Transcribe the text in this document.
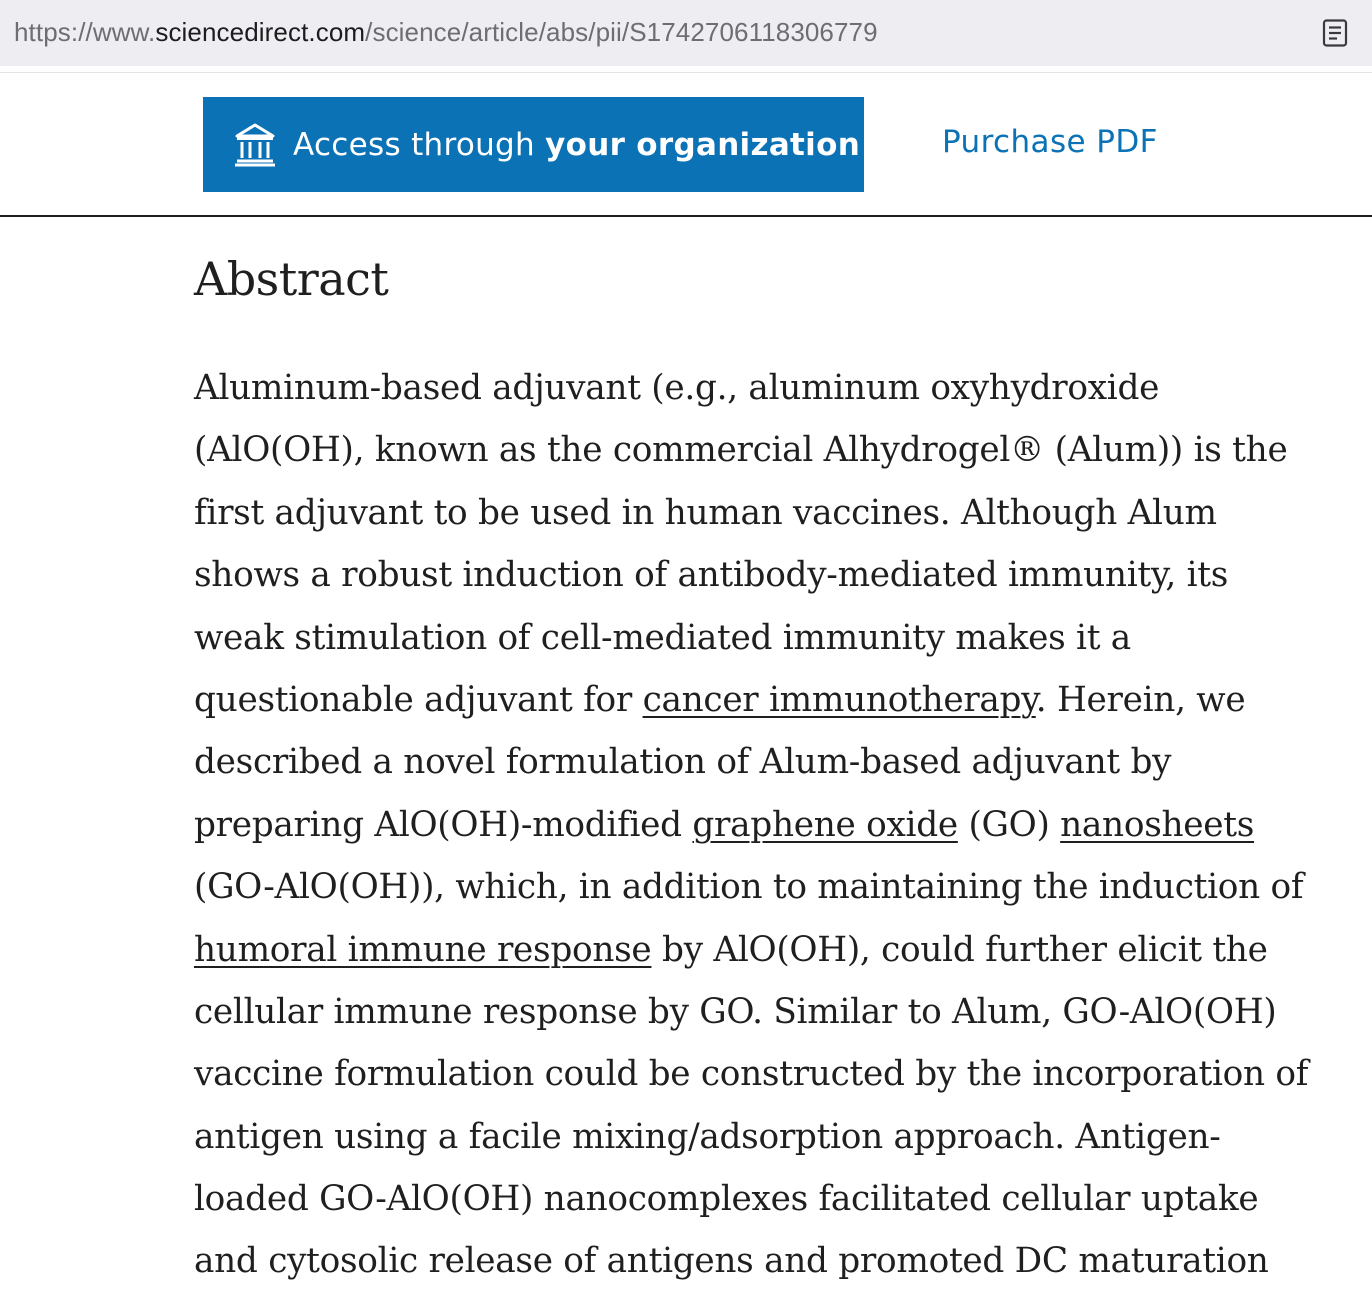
https://www.sciencedirect.com/science/article/abs/pii/S1742706118306779
Access through your organization	Purchase PDF
Abstract
Aluminum-based adjuvant (e.g., aluminum oxyhydroxide
(AlO(OH), known as the commercial Alhydrogel® (Alum)) is the
first adjuvant to be used in human vaccines. Although Alum
shows a robust induction of antibody-mediated immunity, its
weak stimulation of cell-mediated immunity makes it a
questionable adjuvant for cancer immunotherapy. Herein, we
described a novel formulation of Alum-based adjuvant by
preparing AlO(OH)-modified graphene oxide (GO) nanosheets
(GO-AlO(OH)), which, in addition to maintaining the induction of
humoral immune response by AlO(OH), could further elicit the
cellular immune response by GO. Similar to Alum, GO-AlO(OH)
vaccine formulation could be constructed by the incorporation of
antigen using a facile mixing/adsorption approach. Antigen-
loaded GO-AlO(OH) nanocomplexes facilitated cellular uptake
and cytosolic release of antigens and promoted DC maturation
